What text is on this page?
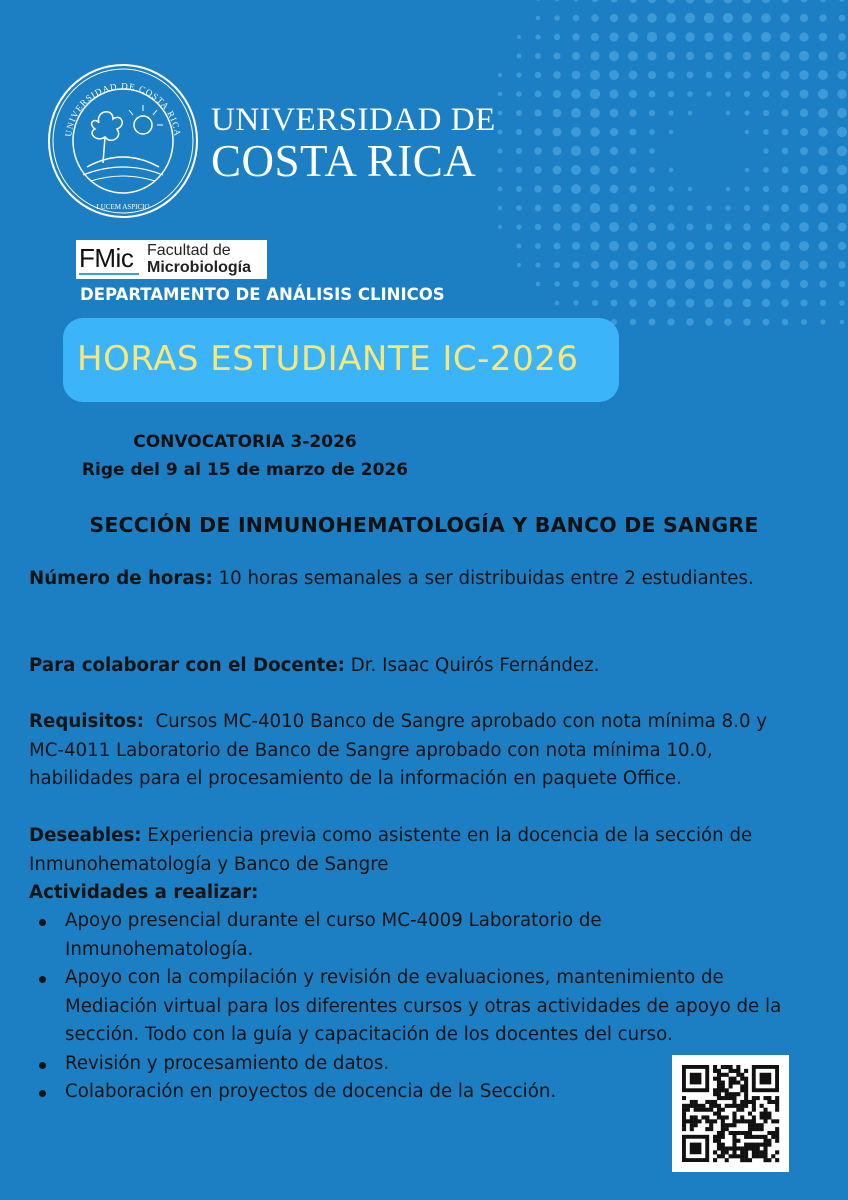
UNIVERSIDAD DE COSTA RICA
LUCEM ASPICIO
UNIVERSIDAD DE
COSTA RICA
FMic Facultad de
Microbiología
DEPARTAMENTO DE ANÁLISIS CLINICOS
HORAS ESTUDIANTE IC-2026
CONVOCATORIA 3-2026
Rige del 9 al 15 de marzo de 2026
SECCIÓN DE INMUNOHEMATOLOGÍA Y BANCO DE SANGRE
Número de horas: 10 horas semanales a ser distribuidas entre 2 estudiantes.
Para colaborar con el Docente: Dr. Isaac Quirós Fernández.
Requisitos:  Cursos MC-4010 Banco de Sangre aprobado con nota mínima 8.0 y MC-4011 Laboratorio de Banco de Sangre aprobado con nota mínima 10.0, habilidades para el procesamiento de la información en paquete Office.
Deseables: Experiencia previa como asistente en la docencia de la sección de Inmunohematología y Banco de Sangre
Actividades a realizar:
Apoyo presencial durante el curso MC-4009 Laboratorio de Inmunohematología.
Apoyo con la compilación y revisión de evaluaciones, mantenimiento de Mediación virtual para los diferentes cursos y otras actividades de apoyo de la sección. Todo con la guía y capacitación de los docentes del curso.
Revisión y procesamiento de datos.
Colaboración en proyectos de docencia de la Sección.
